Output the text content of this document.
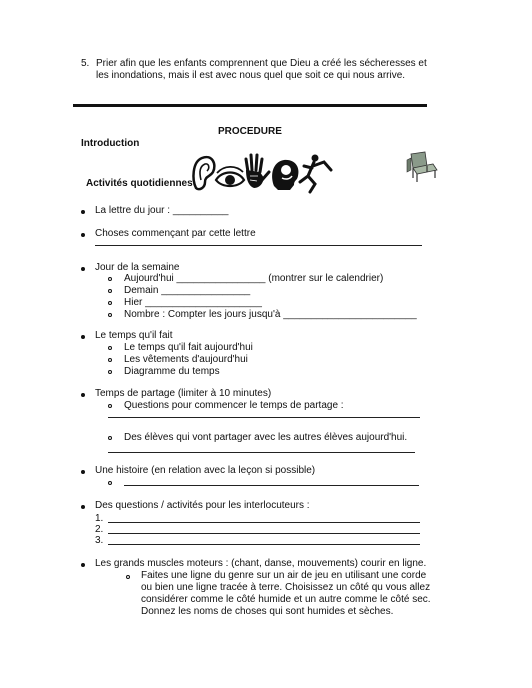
5. Prier afin que les enfants comprennent que Dieu a créé les sécheresses et
les inondations, mais il est avec nous quel que soit ce qui nous arrive.
PROCEDURE
Introduction
Activités quotidiennes
La lettre du jour : __________
Choses commençant par cette lettre
Jour de la semaine
Aujourd'hui ________________ (montrer sur le calendrier)
Demain ________________
Hier _____________________
Nombre : Compter les jours jusqu'à ________________________
Le temps qu'il fait
Le temps qu'il fait aujourd'hui
Les vêtements d'aujourd'hui
Diagramme du temps
Temps de partage (limiter à 10 minutes)
Questions pour commencer le temps de partage :
Des élèves qui vont partager avec les autres élèves aujourd'hui.
Une histoire (en relation avec la leçon si possible)
Des questions / activités pour les interlocuteurs :
1.
2.
3.
Les grands muscles moteurs : (chant, danse, mouvements) courir en ligne.
Faites une ligne du genre sur un air de jeu en utilisant une corde
ou bien une ligne tracée à terre. Choisissez un côté qu vous allez
considérer comme le côté humide et un autre comme le côté sec.
Donnez les noms de choses qui sont humides et sèches.
